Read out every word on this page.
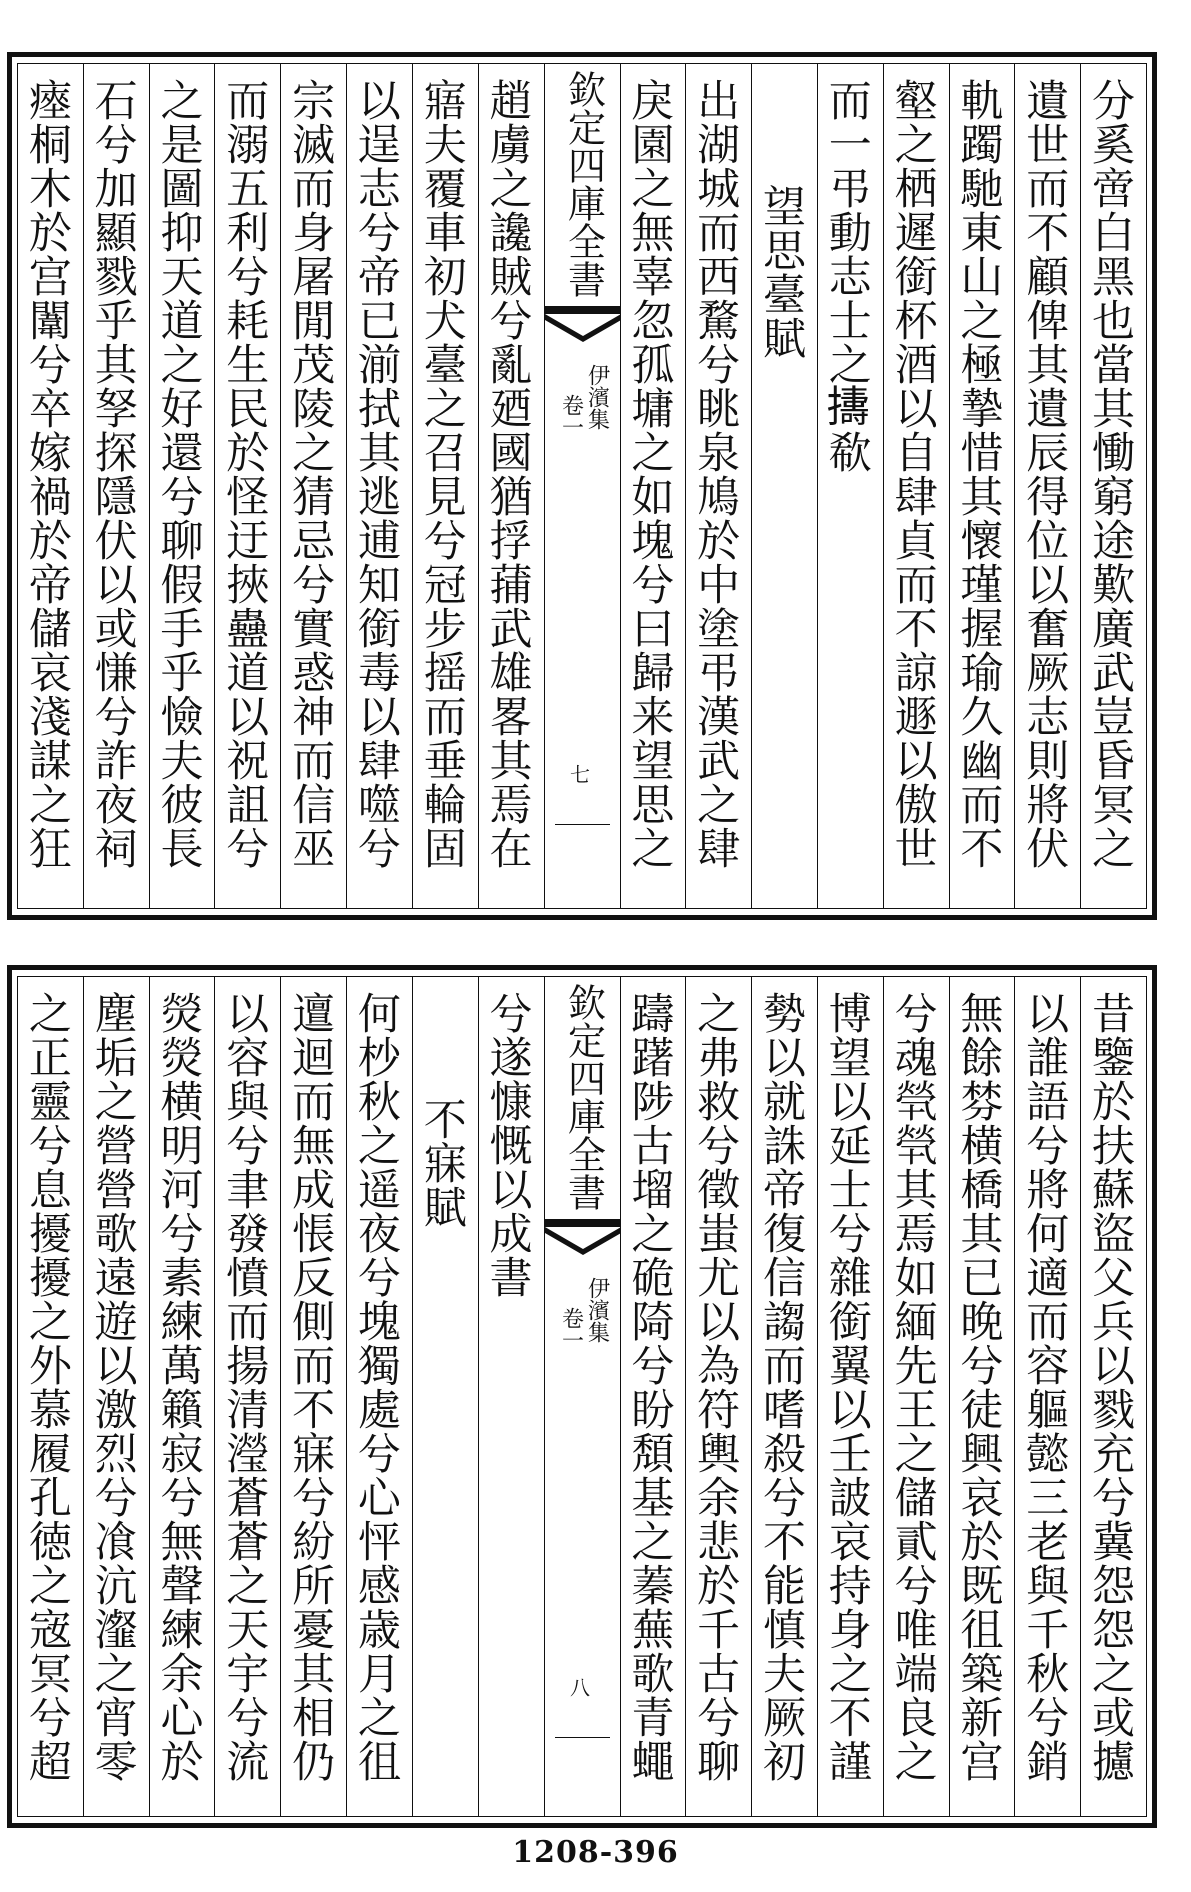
分奚啻白黑也當其慟窮途歎廣武豈昏冥之
遺世而不顧俾其遺辰得位以奮厥志則將伏
軌躅馳東山之極摯惜其懷瑾握瑜久幽而不
壑之栖遲銜杯酒以自肆貞而不諒遯以傲世
而一弔動志士之𢷬欷
望思臺賦
出湖城而西騖兮眺泉鳩於中塗弔漢武之肆
戾園之無辜忽孤墉之如塊兮曰歸来望思之
欽定四庫全書
伊濱集
卷一
七
趙虜之讒賊兮亂廼國猶捊蒱武雄畧其焉在
寤夫覆車初犬臺之召見兮冠步摇而垂輪固
以逞志兮帝已湔拭其逃逋知銜毒以肆噬兮
宗滅而身屠閒茂陵之猜忌兮實惑神而信巫
而溺五利兮耗生民於怪迂挾蠱道以祝詛兮
之是圖抑天道之好還兮聊假手乎憸夫彼長
石兮加顯戮乎其孥探隱伏以或慊兮詐夜祠
瘞桐木於宫闈兮卒嫁禍於帝儲哀淺謀之狂
昔鑒於扶蘇盜父兵以戮充兮冀怨怨之或攄
以誰語兮將何適而容軀懿三老與千秋兮銷
無餘棼横橋其已晚兮徒興哀於既徂築新宫
兮魂煢煢其焉如緬先王之儲貳兮唯端良之
博望以延士兮雜銜翼以壬詖哀持身之不謹
勢以就誅帝復信謅而嗜殺兮不能慎夫厥初
之弗救兮徵蚩尤以為符輿余悲於千古兮聊
躊躇陟古塯之硊陭兮盼頽基之蓁蕪歌青蠅
欽定四庫全書
伊濱集
卷一
八
兮遂慷慨以成書
不寐賦
何杪秋之遥夜兮塊獨處兮心怦感歳月之徂
邅迴而無成悵反側而不寐兮紛所憂其相仍
以容與兮聿發憤而揚清瀅蒼蒼之天宇兮流
熒熒横明河兮素練萬籟寂兮無聲練余心於
塵垢之營營歌遠遊以激烈兮飡沆瀣之宵零
之正靈兮息擾擾之外慕履孔徳之宼冥兮超
1208-396
